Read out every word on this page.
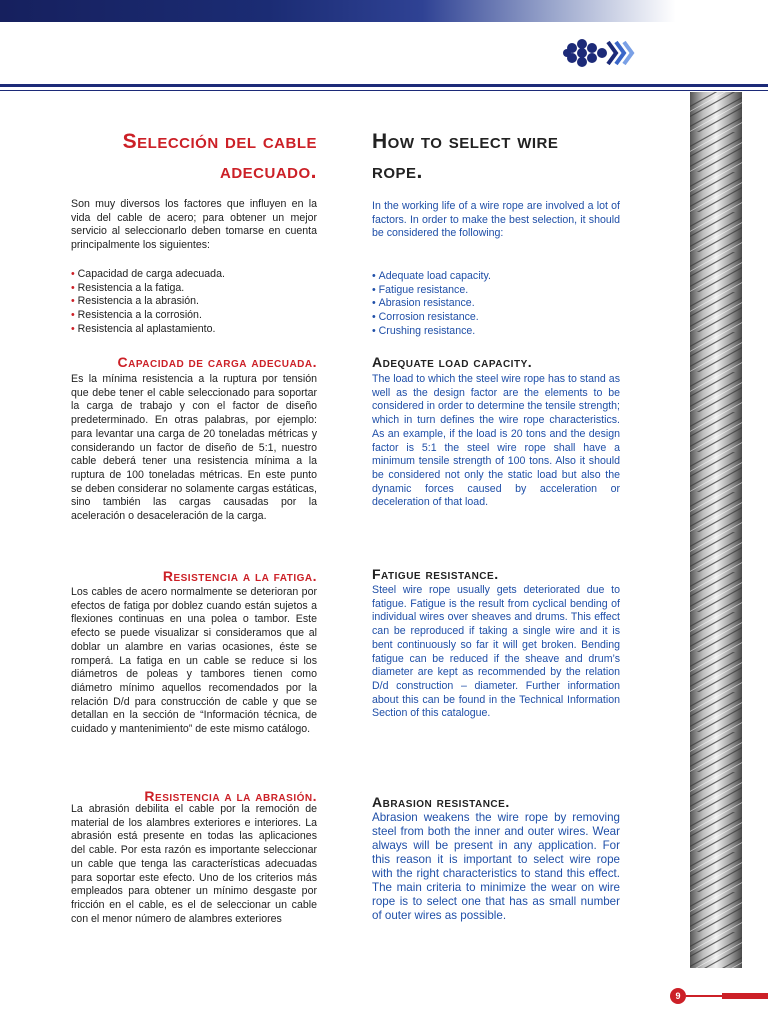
Selección del cable
adecuado.
How to select wire
rope.

Son muy diversos los factores que influyen en la vida del cable de acero; para obtener un mejor servicio al seleccionarlo deben tomarse en cuenta principalmente los siguientes:

• Capacidad de carga adecuada.
• Resistencia a la fatiga.
• Resistencia a la abrasión.
• Resistencia a la corrosión.
• Resistencia al aplastamiento.
Capacidad de carga adecuada.

Es la mínima resistencia a la ruptura por tensión que debe tener el cable seleccionado para soportar la carga de trabajo y con el factor de diseño predeterminado. En otras palabras, por ejemplo: para levantar una carga de 20 toneladas métricas y considerando un factor de diseño de 5:1, nuestro cable deberá tener una resistencia mínima a la ruptura de 100 toneladas métricas. En este punto se deben considerar no solamente cargas estáticas, sino también las cargas causadas por la aceleración o desaceleración de la carga.

Resistencia a la fatiga.

Los cables de acero normalmente se deterioran por efectos de fatiga por doblez cuando están sujetos a flexiones continuas en una polea o tambor. Este efecto se puede visualizar si consideramos que al doblar un alambre en varias ocasiones, éste se romperá. La fatiga en un cable se reduce si los diámetros de poleas y tambores tienen como diámetro mínimo aquellos recomendados por la relación D/d para construcción de cable y que se detallan en la sección de “Información técnica, de cuidado y mantenimiento” de este mismo catálogo.

Resistencia a la abrasión.

La abrasión debilita el cable por la remoción de material de los alambres exteriores e interiores. La abrasión está presente en todas las aplicaciones del cable. Por esta razón es importante seleccionar un cable que tenga las características adecuadas para soportar este efecto. Uno de los criterios más empleados para obtener un mínimo desgaste por fricción en el cable, es el de seleccionar un cable con el menor número de alambres exteriores

In the working life of a wire rope are involved a lot of factors. In order to make the best selection, it should be considered the following:

• Adequate load capacity.
• Fatigue resistance.
• Abrasion resistance.
• Corrosion resistance.
• Crushing resistance.
Adequate load capacity.

The load to which the steel wire rope has to stand as well as the design factor are the elements to be considered in order to determine the tensile strength; which in turn defines the wire rope characteristics. As an example, if the load is 20 tons and the design factor is 5:1 the steel wire rope shall have a minimum tensile strength of 100 tons. Also it should be considered not only the static load but also the dynamic forces caused by acceleration or deceleration of that load.

Fatigue resistance.

Steel wire rope usually gets deteriorated due to fatigue. Fatigue is the result from cyclical bending of individual wires over sheaves and drums. This effect can be reproduced if taking a single wire and it is bent continuously so far it will get broken. Bending fatigue can be reduced if the sheave and drum’s diameter are kept as recommended by the relation D/d construction – diameter. Further information about this can be found in the Technical Information Section of this catalogue.

Abrasion resistance.

Abrasion weakens the wire rope by removing steel from both the inner and outer wires. Wear always will be present in any application. For this reason it is important to select wire rope with the right characteristics to stand this effect. The main criteria to minimize the wear on wire rope is to select one that has as small number of outer wires as possible.

9
